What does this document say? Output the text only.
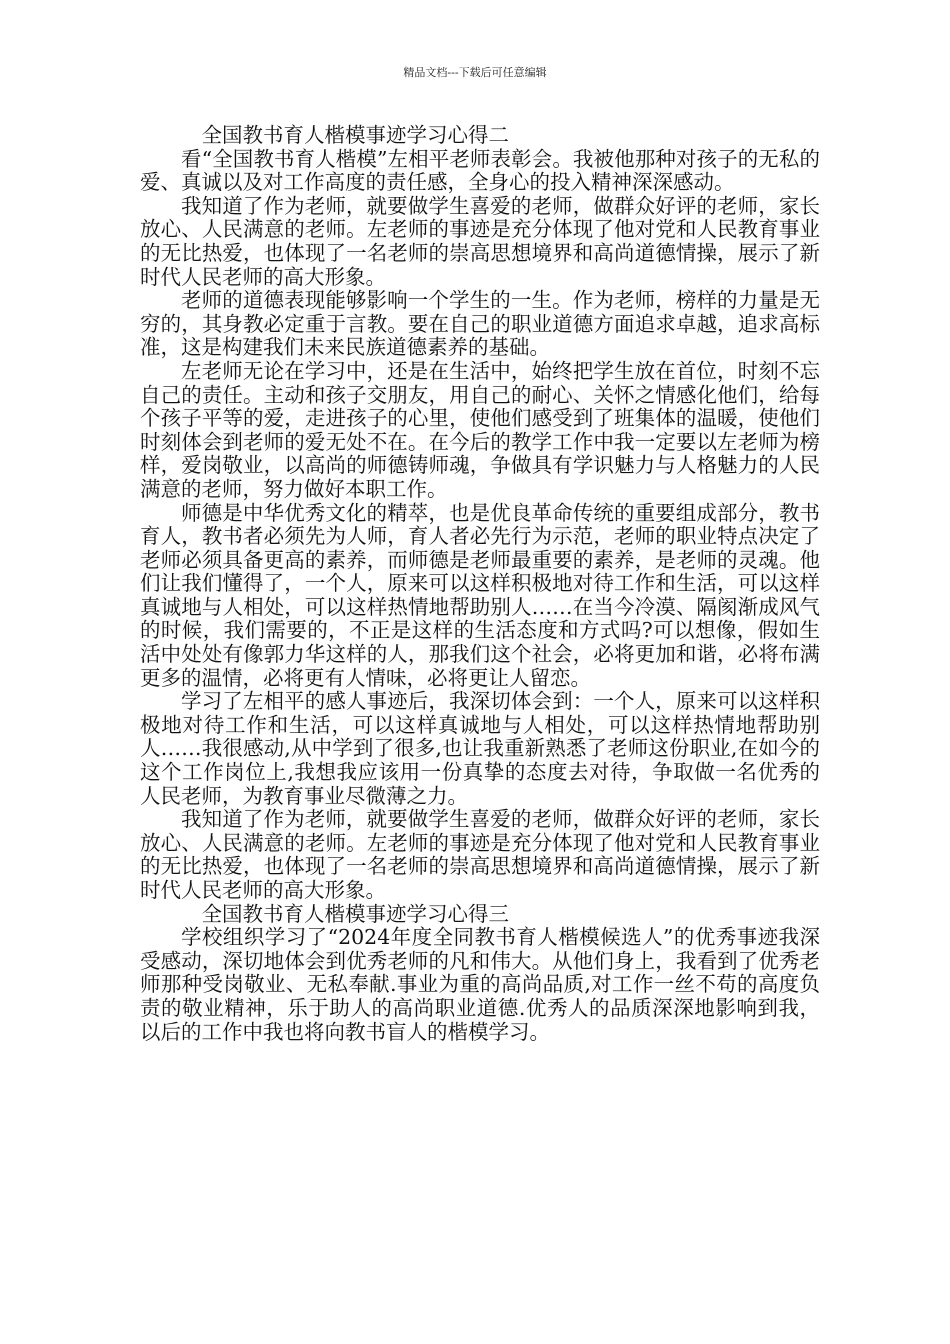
精品文档---下载后可任意编辑

全国教书育人楷模事迹学习心得二

看“全国教书育人楷模”左相平老师表彰会。我被他那种对孩子的无私的爱、真诚以及对工作高度的责任感，全身心的投入精神深深感动。

我知道了作为老师，就要做学生喜爱的老师，做群众好评的老师，家长放心、人民满意的老师。左老师的事迹是充分体现了他对党和人民教育事业的无比热爱，也体现了一名老师的崇高思想境界和高尚道德情操，展示了新时代人民老师的高大形象。

老师的道德表现能够影响一个学生的一生。作为老师，榜样的力量是无穷的，其身教必定重于言教。要在自己的职业道德方面追求卓越，追求高标准，这是构建我们未来民族道德素养的基础。

左老师无论在学习中，还是在生活中，始终把学生放在首位，时刻不忘自己的责任。主动和孩子交朋友，用自己的耐心、关怀之情感化他们，给每个孩子平等的爱，走进孩子的心里，使他们感受到了班集体的温暖，使他们时刻体会到老师的爱无处不在。在今后的教学工作中我一定要以左老师为榜样，爱岗敬业，以高尚的师德铸师魂，争做具有学识魅力与人格魅力的人民满意的老师，努力做好本职工作。

师德是中华优秀文化的精萃，也是优良革命传统的重要组成部分，教书育人，教书者必须先为人师，育人者必先行为示范，老师的职业特点决定了老师必须具备更高的素养，而师德是老师最重要的素养，是老师的灵魂。他们让我们懂得了，一个人，原来可以这样积极地对待工作和生活，可以这样真诚地与人相处，可以这样热情地帮助别人……在当今冷漠、隔阂渐成风气的时候，我们需要的，不正是这样的生活态度和方式吗?可以想像，假如生活中处处有像郭力华这样的人，那我们这个社会，必将更加和谐，必将布满更多的温情，必将更有人情味，必将更让人留恋。

学习了左相平的感人事迹后，我深切体会到：一个人，原来可以这样积极地对待工作和生活，可以这样真诚地与人相处，可以这样热情地帮助别人……我很感动,从中学到了很多,也让我重新熟悉了老师这份职业,在如今的这个工作岗位上,我想我应该用一份真挚的态度去对待，争取做一名优秀的人民老师，为教育事业尽微薄之力。

我知道了作为老师，就要做学生喜爱的老师，做群众好评的老师，家长放心、人民满意的老师。左老师的事迹是充分体现了他对党和人民教育事业的无比热爱，也体现了一名老师的崇高思想境界和高尚道德情操，展示了新时代人民老师的高大形象。

全国教书育人楷模事迹学习心得三

学校组织学习了“2024年度全同教书育人楷模候选人”的优秀事迹我深受感动，深切地体会到优秀老师的凡和伟大。从他们身上，我看到了优秀老师那种受岗敬业、无私奉献.事业为重的高尚品质,对工作一丝不苟的高度负责的敬业精神，乐于助人的高尚职业道德.优秀人的品质深深地影响到我，以后的工作中我也将向教书盲人的楷模学习。
